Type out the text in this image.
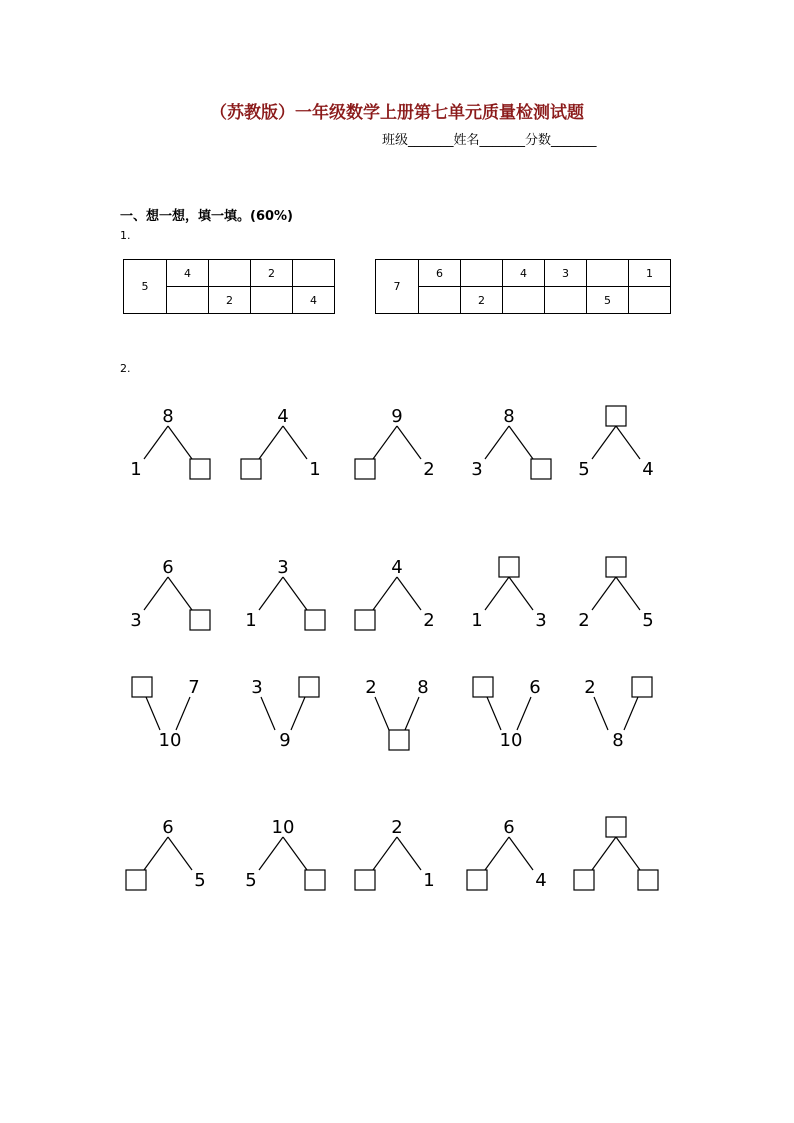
（苏教版）一年级数学上册第七单元质量检测试题
班级_______姓名_______分数_______
一、想一想，填一填。(60%)
1.
5	4		2	
		2		4
7	6		4	3		1
		2			5	
2.
8
1
4
1
9
2
8
3	5	4
6
3
3
1
4
2 1	3 2	5
7
10
3
9
2 8	6
10
2
8
6
5
10
5
2
1
6
4
